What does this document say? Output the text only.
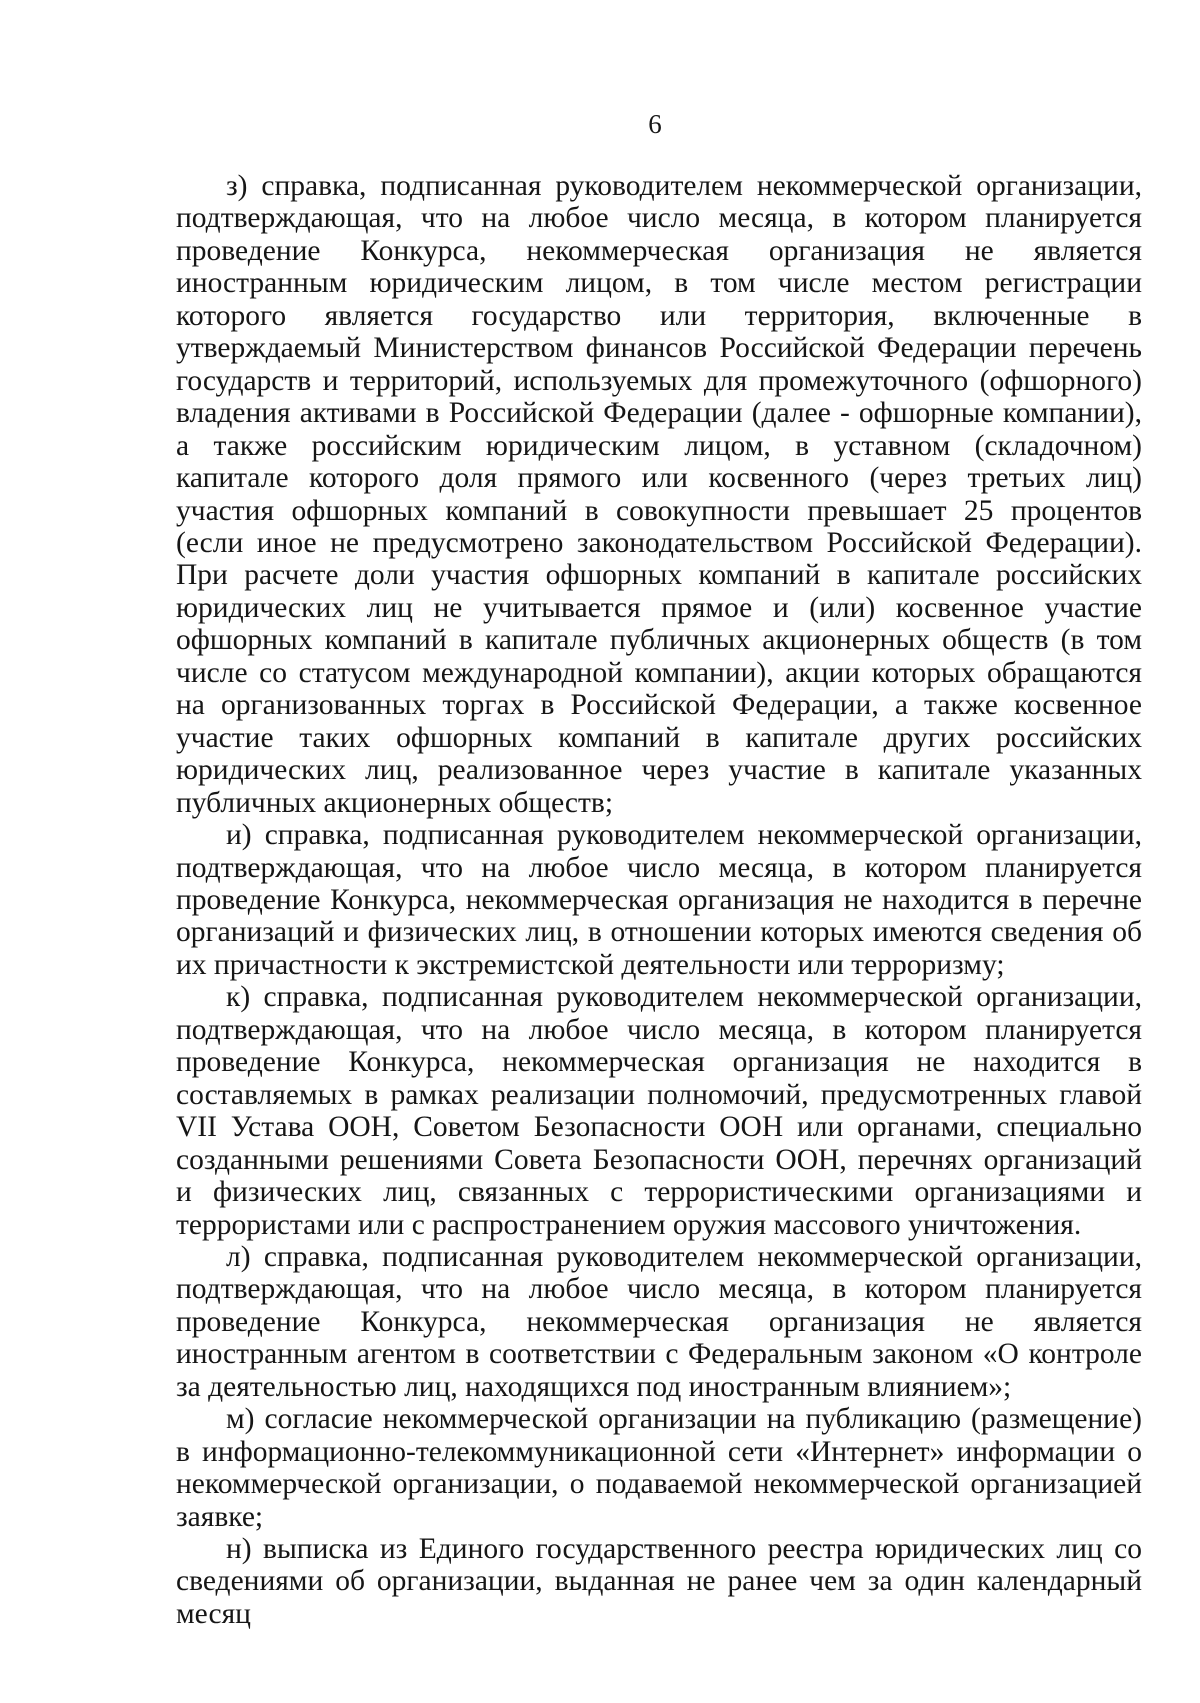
6

з) справка, подписанная руководителем некоммерческой организации, подтверждающая, что на любое число месяца, в котором планируется проведение Конкурса, некоммерческая организация не является иностранным юридическим лицом, в том числе местом регистрации которого является государство или территория, включенные в утверждаемый Министерством финансов Российской Федерации перечень государств и территорий, используемых для промежуточного (офшорного) владения активами в Российской Федерации (далее - офшорные компании), а также российским юридическим лицом, в уставном (складочном) капитале которого доля прямого или косвенного (через третьих лиц) участия офшорных компаний в совокупности превышает 25 процентов (если иное не предусмотрено законодательством Российской Федерации). При расчете доли участия офшорных компаний в капитале российских юридических лиц не учитывается прямое и (или) косвенное участие офшорных компаний в капитале публичных акционерных обществ (в том числе со статусом международной компании), акции которых обращаются на организованных торгах в Российской Федерации, а также косвенное участие таких офшорных компаний в капитале других российских юридических лиц, реализованное через участие в капитале указанных публичных акционерных обществ;

и) справка, подписанная руководителем некоммерческой организации, подтверждающая, что на любое число месяца, в котором планируется проведение Конкурса, некоммерческая организация не находится в перечне организаций и физических лиц, в отношении которых имеются сведения об их причастности к экстремистской деятельности или терроризму;

к) справка, подписанная руководителем некоммерческой организации, подтверждающая, что на любое число месяца, в котором планируется проведение Конкурса, некоммерческая организация не находится в составляемых в рамках реализации полномочий, предусмотренных главой VII Устава ООН, Советом Безопасности ООН или органами, специально созданными решениями Совета Безопасности ООН, перечнях организаций и физических лиц, связанных с террористическими организациями и террористами или с распространением оружия массового уничтожения.

л) справка, подписанная руководителем некоммерческой организации, подтверждающая, что на любое число месяца, в котором планируется проведение Конкурса, некоммерческая организация не является иностранным агентом в соответствии с Федеральным законом «О контроле за деятельностью лиц, находящихся под иностранным влиянием»;

м) согласие некоммерческой организации на публикацию (размещение) в информационно-телекоммуникационной сети «Интернет» информации о некоммерческой организации, о подаваемой некоммерческой организацией заявке;

н) выписка из Единого государственного реестра юридических лиц со сведениями об организации, выданная не ранее чем за один календарный месяц
